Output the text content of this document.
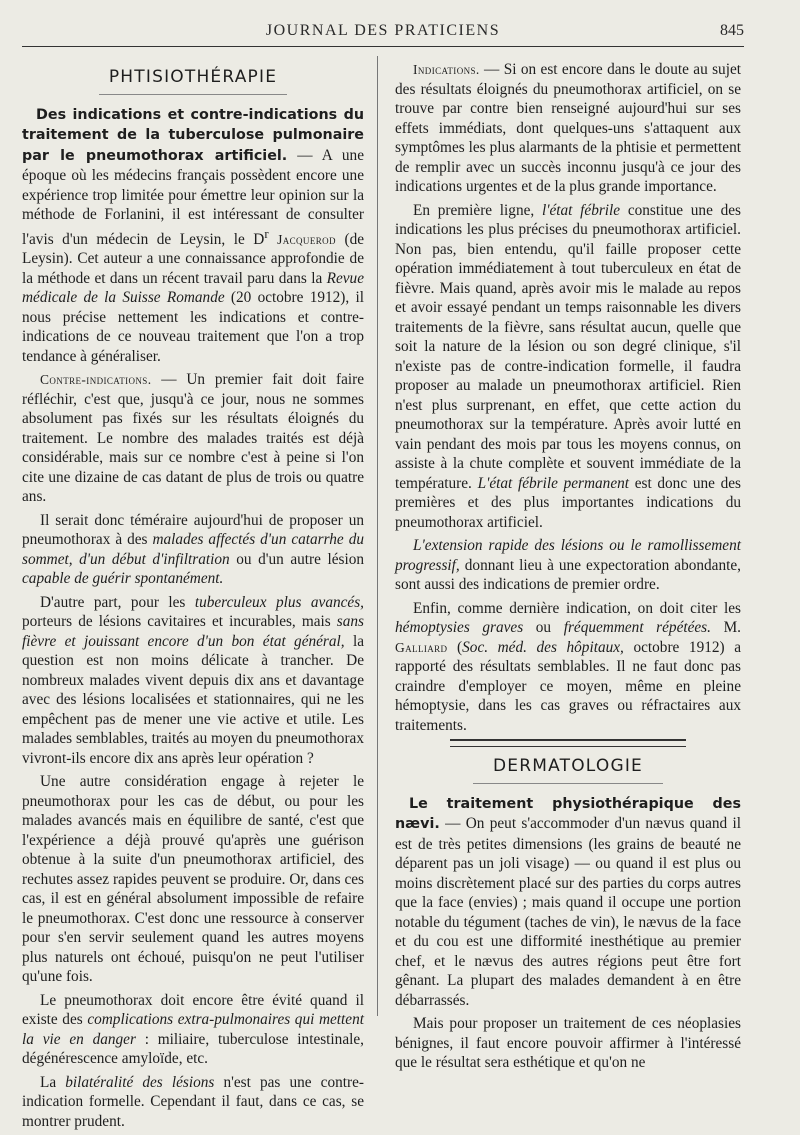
JOURNAL DES PRATICIENS	845
PHTISIOTHÉRAPIE

Des indications et contre-indications du traitement de la tuberculose pulmonaire par le pneumothorax artificiel. — A une époque où les médecins français possèdent encore une expérience trop limitée pour émettre leur opinion sur la méthode de Forlanini, il est intéressant de consulter l'avis d'un médecin de Leysin, le $D^r$ Jacquerod (de Leysin). Cet auteur a une connaissance approfondie de la méthode et dans un récent travail paru dans la Revue médicale de la Suisse Romande (20 octobre 1912), il nous précise nettement les indications et contre-indications de ce nouveau traitement que l'on a trop tendance à généraliser.

Contre-indications. — Un premier fait doit faire réfléchir, c'est que, jusqu'à ce jour, nous ne sommes absolument pas fixés sur les résultats éloignés du traitement. Le nombre des malades traités est déjà considérable, mais sur ce nombre c'est à peine si l'on cite une dizaine de cas datant de plus de trois ou quatre ans.

Il serait donc téméraire aujourd'hui de proposer un pneumothorax à des malades affectés d'un catarrhe du sommet, d'un début d'infiltration ou d'un autre lésion capable de guérir spontanément.

D'autre part, pour les tuberculeux plus avancés, porteurs de lésions cavitaires et incurables, mais sans fièvre et jouissant encore d'un bon état général, la question est non moins délicate à trancher. De nombreux malades vivent depuis dix ans et davantage avec des lésions localisées et stationnaires, qui ne les empêchent pas de mener une vie active et utile. Les malades semblables, traités au moyen du pneumothorax vivront-ils encore dix ans après leur opération ?

Une autre considération engage à rejeter le pneumothorax pour les cas de début, ou pour les malades avancés mais en équilibre de santé, c'est que l'expérience a déjà prouvé qu'après une guérison obtenue à la suite d'un pneumothorax artificiel, des rechutes assez rapides peuvent se produire. Or, dans ces cas, il est en général absolument impossible de refaire le pneumothorax. C'est donc une ressource à conserver pour s'en servir seulement quand les autres moyens plus naturels ont échoué, puisqu'on ne peut l'utiliser qu'une fois.

Le pneumothorax doit encore être évité quand il existe des complications extra-pulmonaires qui mettent la vie en danger : miliaire, tuberculose intestinale, dégénérescence amyloïde, etc.

La bilatéralité des lésions n'est pas une contre-indication formelle. Cependant il faut, dans ce cas, se montrer prudent.

Indications. — Si on est encore dans le doute au sujet des résultats éloignés du pneumothorax artificiel, on se trouve par contre bien renseigné aujourd'hui sur ses effets immédiats, dont quelques-uns s'attaquent aux symptômes les plus alarmants de la phtisie et permettent de remplir avec un succès inconnu jusqu'à ce jour des indications urgentes et de la plus grande importance.

En première ligne, l'état fébrile constitue une des indications les plus précises du pneumothorax artificiel. Non pas, bien entendu, qu'il faille proposer cette opération immédiatement à tout tuberculeux en état de fièvre. Mais quand, après avoir mis le malade au repos et avoir essayé pendant un temps raisonnable les divers traitements de la fièvre, sans résultat aucun, quelle que soit la nature de la lésion ou son degré clinique, s'il n'existe pas de contre-indication formelle, il faudra proposer au malade un pneumothorax artificiel. Rien n'est plus surprenant, en effet, que cette action du pneumothorax sur la température. Après avoir lutté en vain pendant des mois par tous les moyens connus, on assiste à la chute complète et souvent immédiate de la température. L'état fébrile permanent est donc une des premières et des plus importantes indications du pneumothorax artificiel.

L'extension rapide des lésions ou le ramollissement progressif, donnant lieu à une expectoration abondante, sont aussi des indications de premier ordre.

Enfin, comme dernière indication, on doit citer les hémoptysies graves ou fréquemment répétées. M. Galliard (Soc. méd. des hôpitaux, octobre 1912) a rapporté des résultats semblables. Il ne faut donc pas craindre d'employer ce moyen, même en pleine hémoptysie, dans les cas graves ou réfractaires aux traitements.

DERMATOLOGIE

Le traitement physiothérapique des nævi. — On peut s'accommoder d'un nævus quand il est de très petites dimensions (les grains de beauté ne déparent pas un joli visage) — ou quand il est plus ou moins discrètement placé sur des parties du corps autres que la face (envies) ; mais quand il occupe une portion notable du tégument (taches de vin), le nævus de la face et du cou est une difformité inesthétique au premier chef, et le nævus des autres régions peut être fort gênant. La plupart des malades demandent à en être débarrassés.

Mais pour proposer un traitement de ces néoplasies bénignes, il faut encore pouvoir affirmer à l'intéressé que le résultat sera esthétique et qu'on ne
